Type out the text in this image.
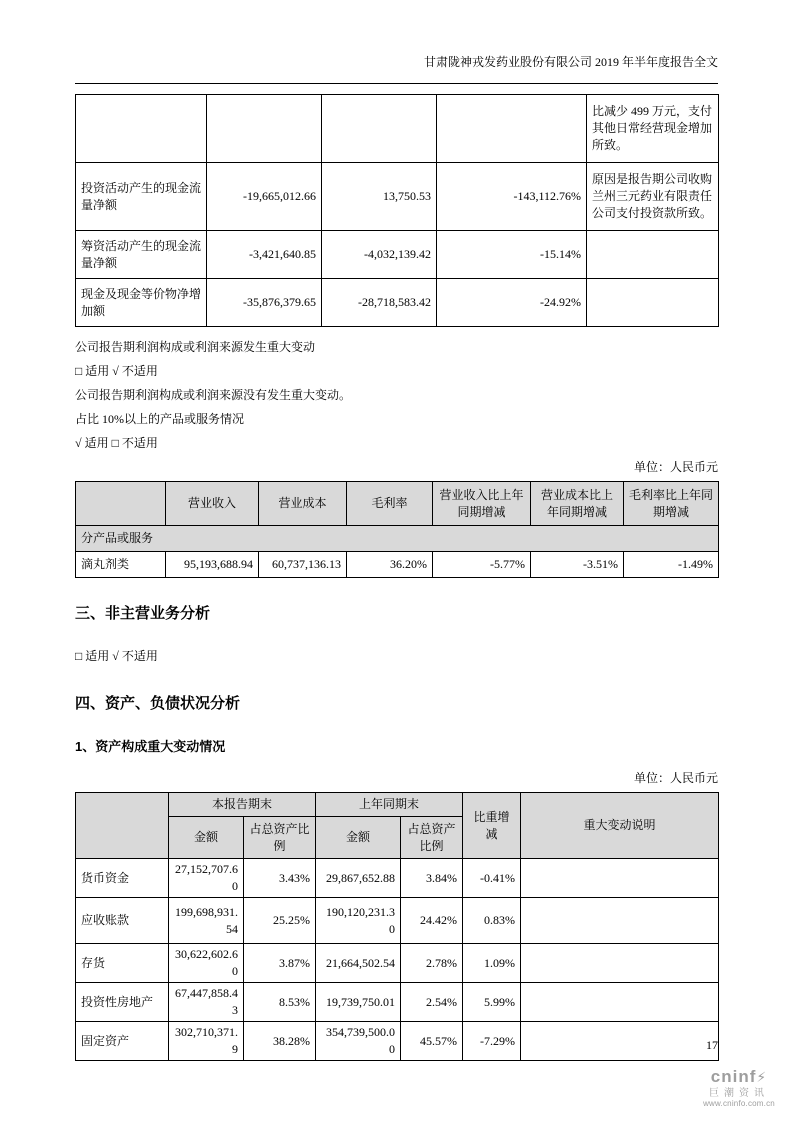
甘肃陇神戎发药业股份有限公司 2019 年半年度报告全文
				比减少 499 万元，支付其他日常经营现金增加所致。
投资活动产生的现金流量净额	-19,665,012.66	13,750.53	-143,112.76%	原因是报告期公司收购兰州三元药业有限责任公司支付投资款所致。
筹资活动产生的现金流量净额	-3,421,640.85	-4,032,139.42	-15.14%	
现金及现金等价物净增加额	-35,876,379.65	-28,718,583.42	-24.92%	

公司报告期利润构成或利润来源发生重大变动

□ 适用 √ 不适用

公司报告期利润构成或利润来源没有发生重大变动。

占比 10%以上的产品或服务情况

√ 适用 □ 不适用

单位：人民币元

	营业收入	营业成本	毛利率	营业收入比上年同期增减	营业成本比上年同期增减	毛利率比上年同期增减
分产品或服务						
滴丸剂类	95,193,688.94	60,737,136.13	36.20%	-5.77%	-3.51%	-1.49%
三、非主营业务分析

□ 适用 √ 不适用

四、资产、负债状况分析
1、资产构成重大变动情况

单位：人民币元

	本报告期末		上年同期末		比重增减	重大变动说明
	金额	占总资产比例	金额	占总资产比例		
货币资金	27,152,707.60	3.43%	29,867,652.88	3.84%	-0.41%	
应收账款	199,698,931.54	25.25%	190,120,231.30	24.42%	0.83%	
存货	30,622,602.60	3.87%	21,664,502.54	2.78%	1.09%	
投资性房地产	67,447,858.43	8.53%	19,739,750.01	2.54%	5.99%	
固定资产	302,710,371.9	38.28%	354,739,500.00	45.57%	-7.29%		17
cninf⚡
巨潮资讯
www.cninfo.com.cn
